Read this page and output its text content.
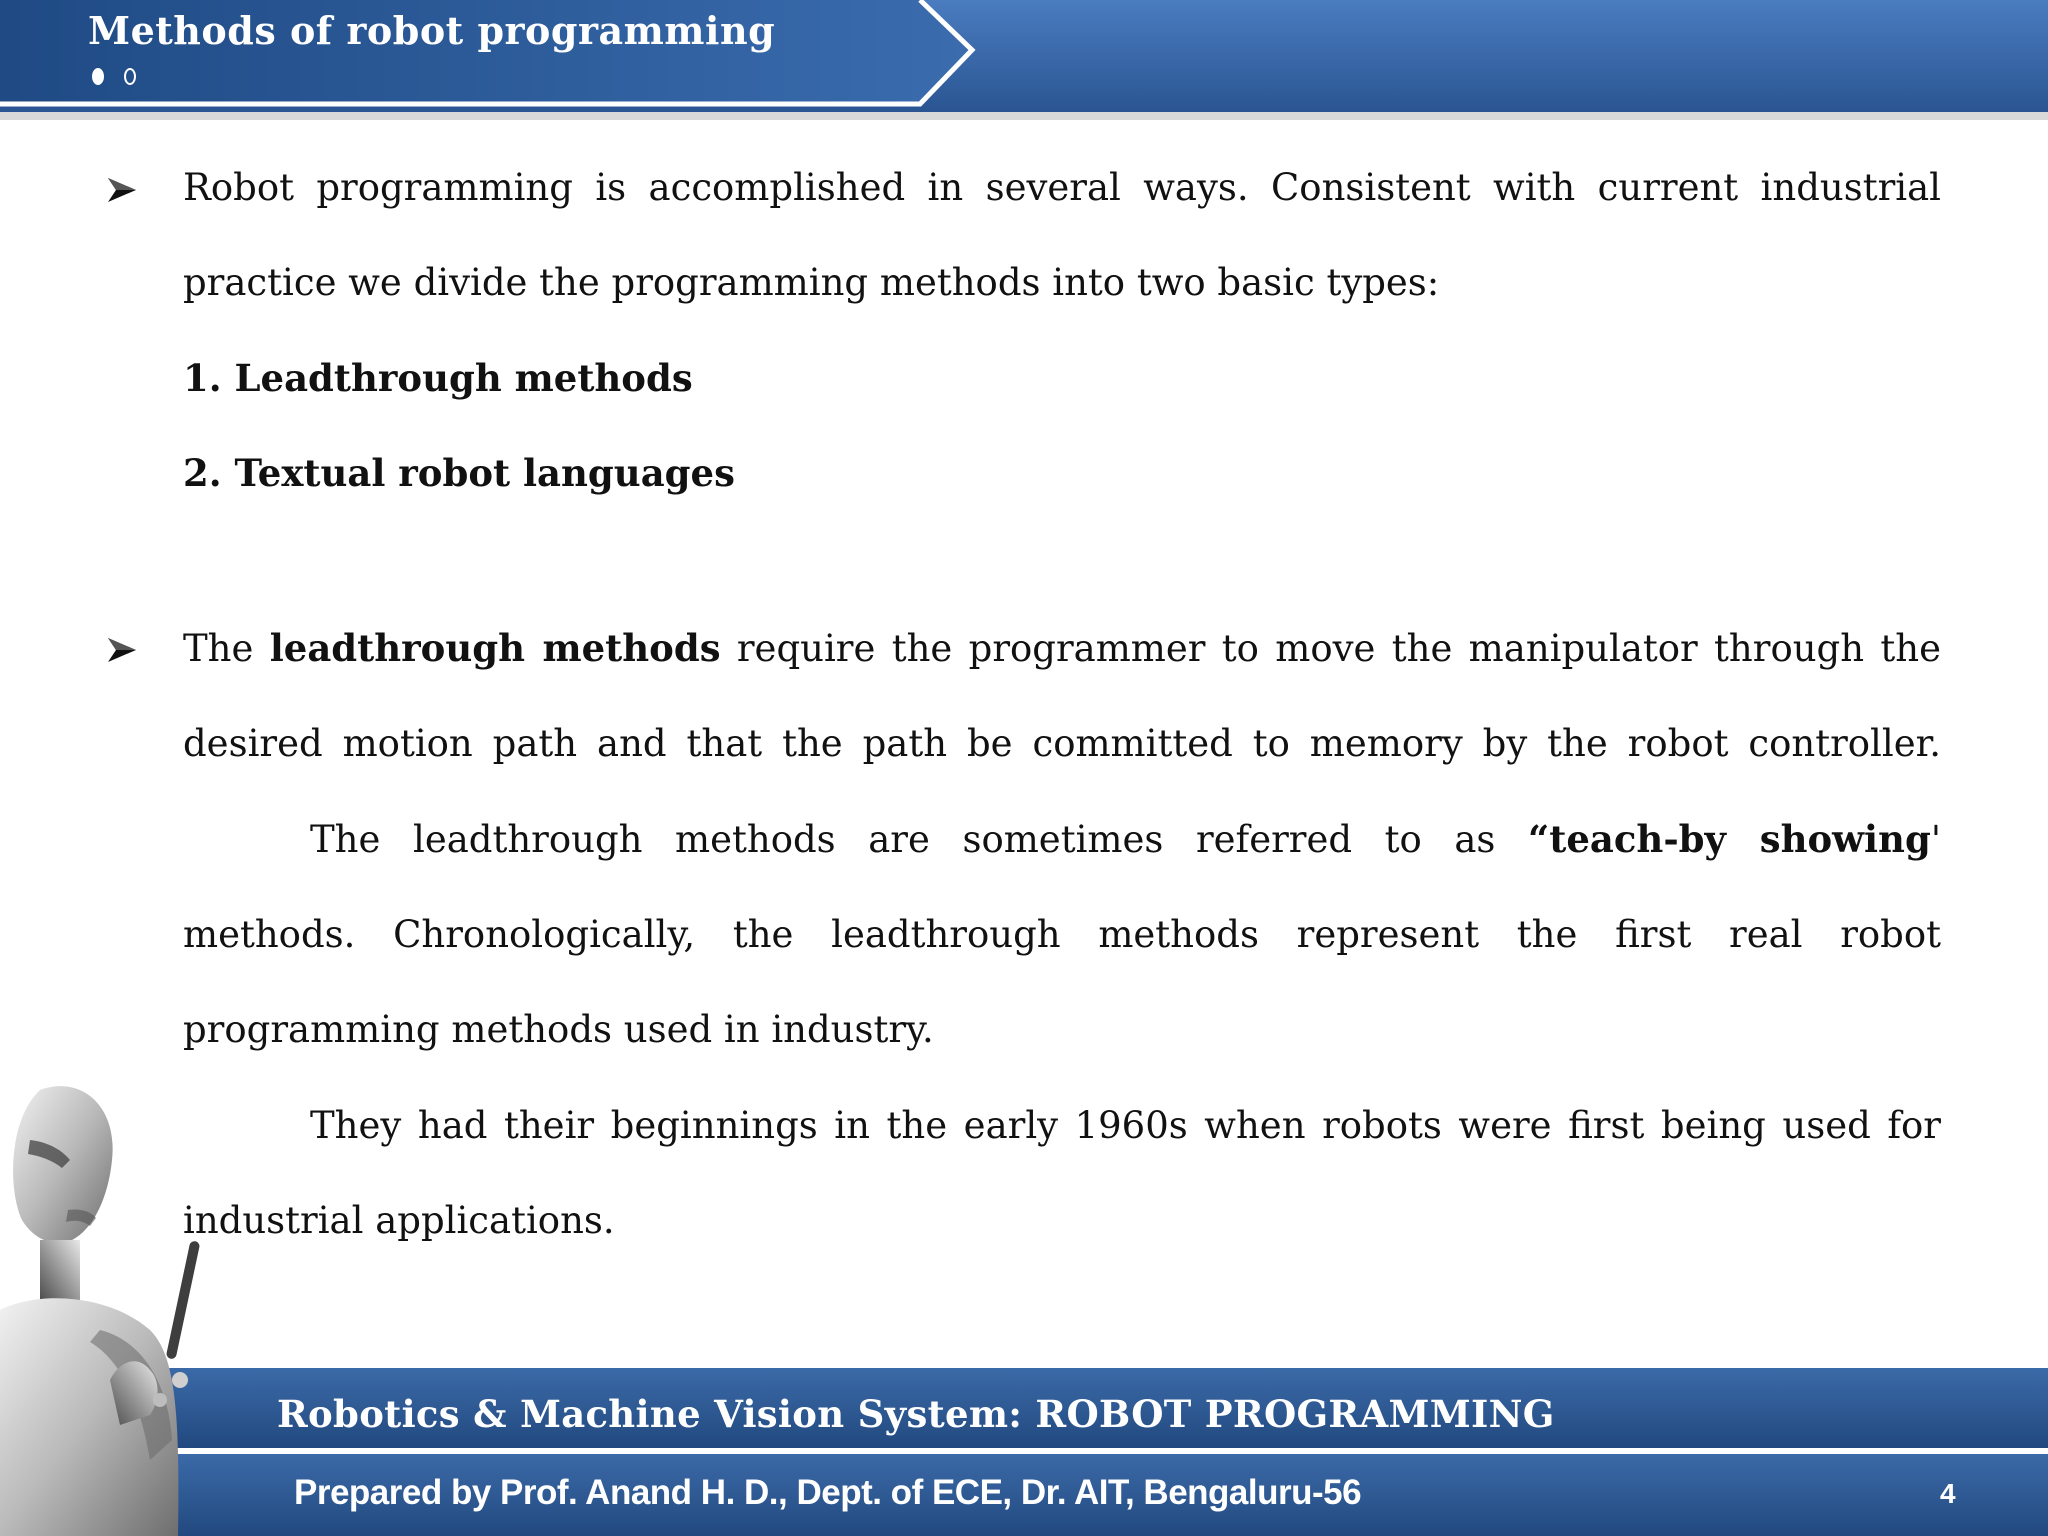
Methods of robot programming
Robot programming is accomplished in several ways. Consistent with current industrial
practice we divide the programming methods into two basic types:
1. Leadthrough methods
2. Textual robot languages
The leadthrough methods require the programmer to move the manipulator through the
desired motion path and that the path be committed to memory by the robot controller.
The leadthrough methods are sometimes referred to as “teach-by showing'
methods. Chronologically, the leadthrough methods represent the first real robot
programming methods used in industry.
They had their beginnings in the early 1960s when robots were first being used for
industrial applications.
Robotics & Machine Vision System: ROBOT PROGRAMMING
Prepared by Prof. Anand H. D., Dept. of ECE, Dr. AIT, Bengaluru-56	4
